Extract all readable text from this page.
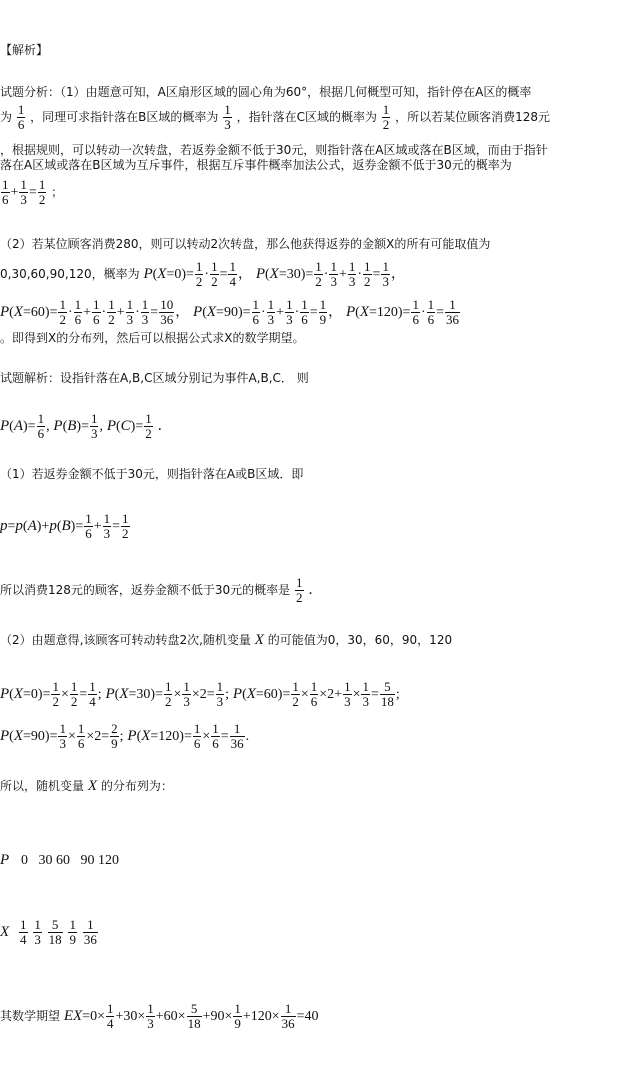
【解析】
试题分析：（1）由题意可知，A区扇形区域的圆心角为60°，根据几何概型可知，指针停在A区的概率
为 $\frac{1}{6}$ ，同理可求指针落在B区域的概率为 $\frac{1}{3}$ ，指针落在C区域的概率为 $\frac{1}{2}$ ，所以若某位顾客消费128元
，根据规则，可以转动一次转盘，若返券金额不低于30元，则指针落在A区域或落在B区域，而由于指针
落在A区域或落在B区域为互斥事件，根据互斥事件概率加法公式，返券金额不低于30元的概率为
$\frac{1}{6} + \frac{1}{3} = \frac{1}{2}$ ；
（2）若某位顾客消费280，则可以转动2次转盘，那么他获得返券的金额X的所有可能取值为
0,30,60,90,120，概率为 $P(X=0)= \frac{1}{2} \cdot \frac{1}{2} = \frac{1}{4}$ ， $P(X=30)= \frac{1}{2} \cdot \frac{1}{3} + \frac{1}{3} \cdot \frac{1}{2} = \frac{1}{3}$ ，
$P(X=60)= \frac{1}{2} \cdot \frac{1}{6} + \frac{1}{6} \cdot \frac{1}{2} + \frac{1}{3} \cdot \frac{1}{3} = \frac{10}{36}$ ， $P(X=90)= \frac{1}{6} \cdot \frac{1}{3} + \frac{1}{3} \cdot \frac{1}{6} = \frac{1}{9}$ ， $P(X=120)= \frac{1}{6} \cdot \frac{1}{6} = \frac{1}{36}$
。即得到X的分布列，然后可以根据公式求X的数学期望。
试题解析：设指针落在A,B,C区域分别记为事件A,B,C． 则
$P(A)= \frac{1}{6}$ , $P(B)= \frac{1}{3}$ , $P(C)= \frac{1}{2}$ ．
（1）若返券金额不低于30元，则指针落在A或B区域．即
$p=p(A)+p(B)= \frac{1}{6} + \frac{1}{3} = \frac{1}{2}$
所以消费128元的顾客，返券金额不低于30元的概率是 $\frac{1}{2}$ ．
（2）由题意得,该顾客可转动转盘2次,随机变量 X 的可能值为0，30，60，90，120
$P(X=0)= \frac{1}{2} \times \frac{1}{2} = \frac{1}{4}$ ; $P(X=30)= \frac{1}{2} \times \frac{1}{3} \times 2= \frac{1}{3}$ ; $P(X=60)= \frac{1}{2} \times \frac{1}{6} \times 2+ \frac{1}{3} \times \frac{1}{3} = \frac{5}{18}$ ;
$P(X=90)= \frac{1}{3} \times \frac{1}{6} \times 2= \frac{2}{9}$ ; $P(X=120)= \frac{1}{6} \times \frac{1}{6} = \frac{1}{36}$ .
所以，随机变量 X 的分布列为：
P 0   30 60   90 120
X $\frac{1}{4}$
$\frac{1}{3}$
$\frac{5}{18}$
$\frac{1}{9}$
$\frac{1}{36}$
其数学期望 $EX=0\times \frac{1}{4} +30\times \frac{1}{3} +60\times \frac{5}{18} +90\times \frac{1}{9} +120\times \frac{1}{36} =40$
